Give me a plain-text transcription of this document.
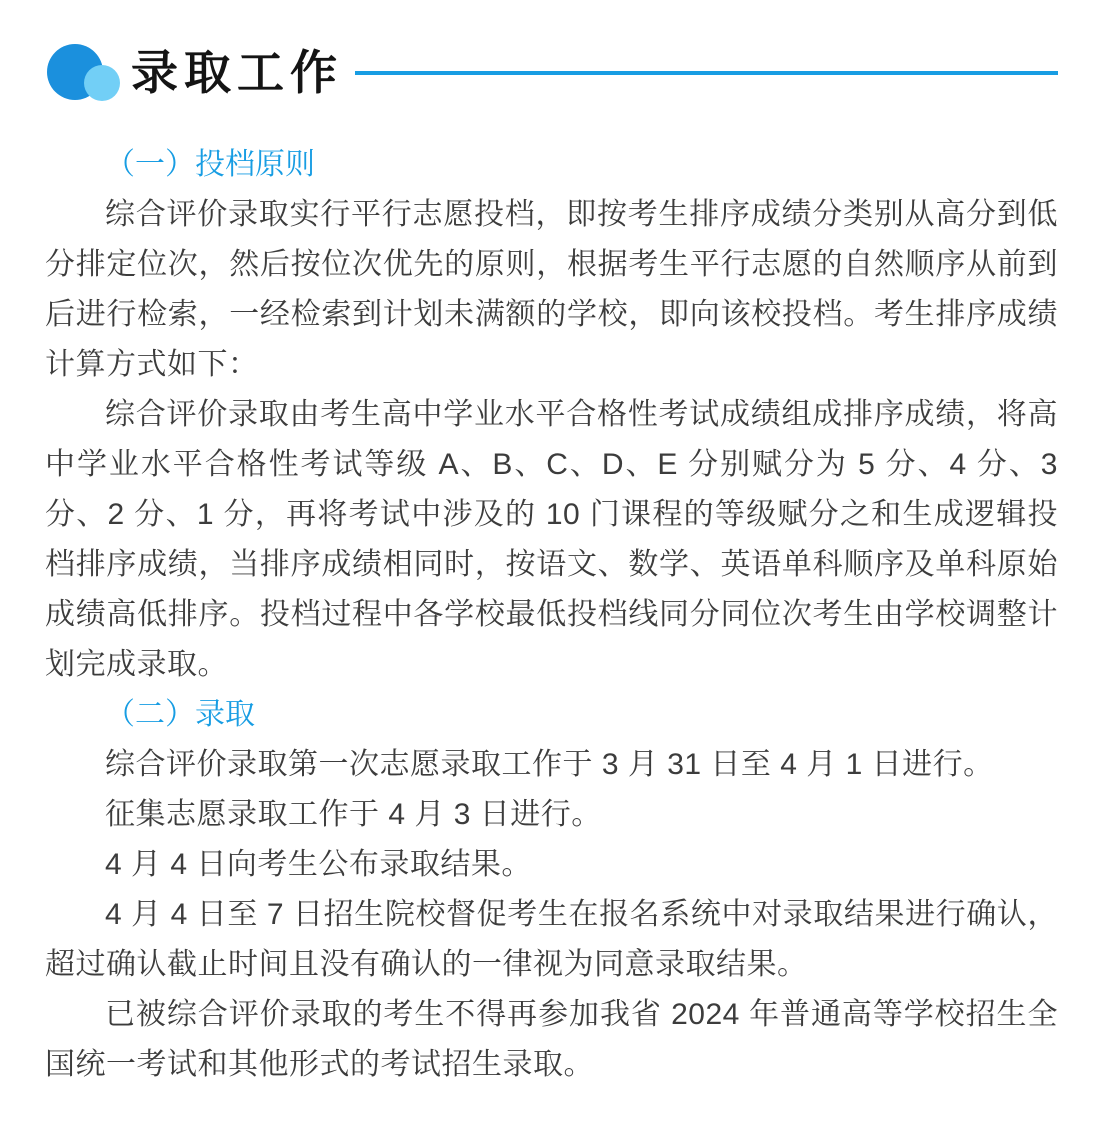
录取工作
（一）投档原则

综合评价录取实行平行志愿投档，即按考生排序成绩分类别从高分到低分排定位次，然后按位次优先的原则，根据考生平行志愿的自然顺序从前到后进行检索，一经检索到计划未满额的学校，即向该校投档。考生排序成绩计算方式如下：

综合评价录取由考生高中学业水平合格性考试成绩组成排序成绩，将高中学业水平合格性考试等级 A、B、C、D、E 分别赋分为 5 分、4 分、3 分、2 分、1 分，再将考试中涉及的 10 门课程的等级赋分之和生成逻辑投档排序成绩，当排序成绩相同时，按语文、数学、英语单科顺序及单科原始成绩高低排序。投档过程中各学校最低投档线同分同位次考生由学校调整计划完成录取。

（二）录取

综合评价录取第一次志愿录取工作于 3 月 31 日至 4 月 1 日进行。

征集志愿录取工作于 4 月 3 日进行。

4 月 4 日向考生公布录取结果。

4 月 4 日至 7 日招生院校督促考生在报名系统中对录取结果进行确认，超过确认截止时间且没有确认的一律视为同意录取结果。

已被综合评价录取的考生不得再参加我省 2024 年普通高等学校招生全国统一考试和其他形式的考试招生录取。
